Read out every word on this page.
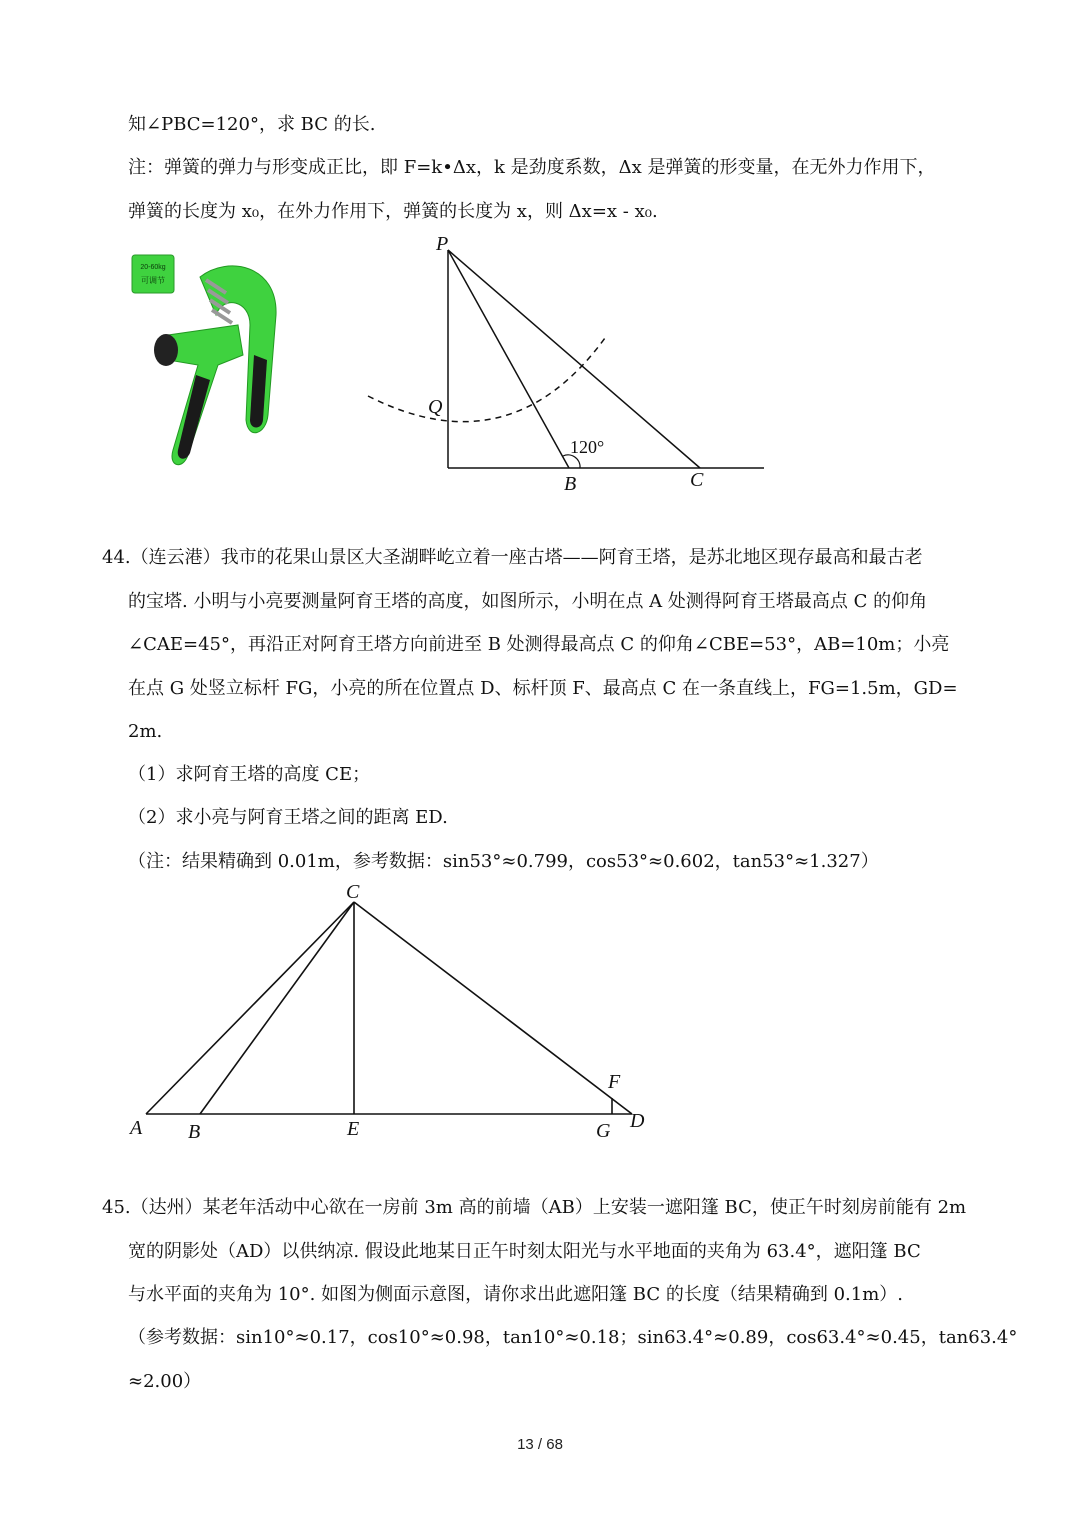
知∠PBC=120°，求 BC 的长.
注：弹簧的弹力与形变成正比，即 F=k•Δx，k 是劲度系数，Δx 是弹簧的形变量，在无外力作用下，
弹簧的长度为 x₀，在外力作用下，弹簧的长度为 x，则 Δx=x - x₀.
20-60kg
可调节
P
Q
B	C
120°
44.（连云港）我市的花果山景区大圣湖畔屹立着一座古塔——阿育王塔，是苏北地区现存最高和最古老
的宝塔. 小明与小亮要测量阿育王塔的高度，如图所示，小明在点 A 处测得阿育王塔最高点 C 的仰角
∠CAE=45°，再沿正对阿育王塔方向前进至 B 处测得最高点 C 的仰角∠CBE=53°，AB=10m；小亮
在点 G 处竖立标杆 FG，小亮的所在位置点 D、标杆顶 F、最高点 C 在一条直线上，FG=1.5m，GD=
2m.
（1）求阿育王塔的高度 CE；
（2）求小亮与阿育王塔之间的距离 ED.
（注：结果精确到 0.01m，参考数据：sin53°≈0.799，cos53°≈0.602，tan53°≈1.327）
C
A B	E
F
G D
45.（达州）某老年活动中心欲在一房前 3m 高的前墙（AB）上安装一遮阳篷 BC，使正午时刻房前能有 2m
宽的阴影处（AD）以供纳凉. 假设此地某日正午时刻太阳光与水平地面的夹角为 63.4°，遮阳篷 BC
与水平面的夹角为 10°. 如图为侧面示意图，请你求出此遮阳篷 BC 的长度（结果精确到 0.1m）.
（参考数据：sin10°≈0.17，cos10°≈0.98，tan10°≈0.18；sin63.4°≈0.89，cos63.4°≈0.45，tan63.4°
≈2.00）
13 / 68
